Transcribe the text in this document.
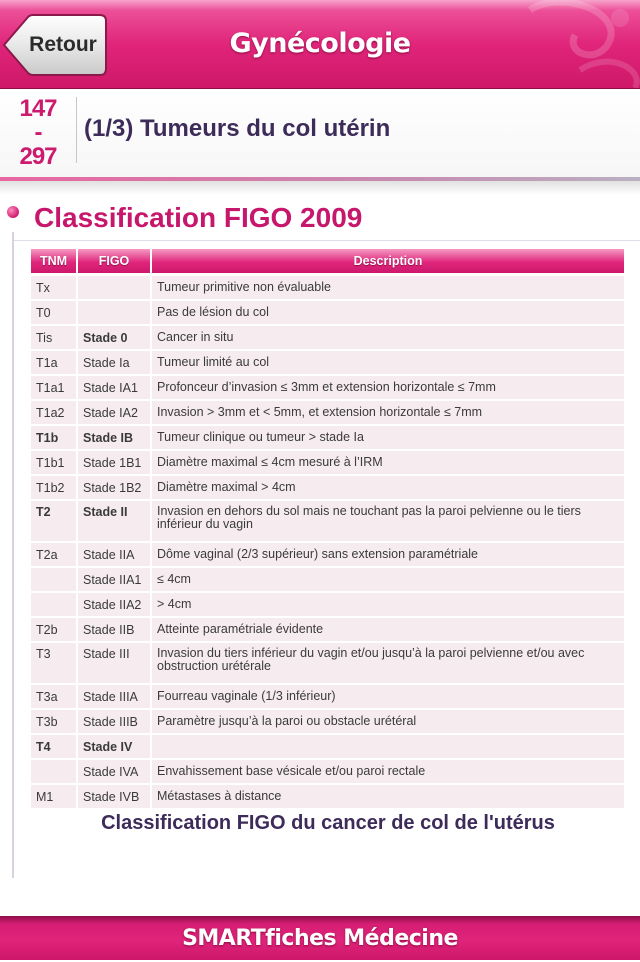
Retour	Gynécologie
147
-
297
(1/3) Tumeurs du col utérin
Classification FIGO 2009
TNM	FIGO	Description
Tx		Tumeur primitive non évaluable
T0		Pas de lésion du col
Tis	Stade 0	Cancer in situ
T1a	Stade Ia	Tumeur limité au col
T1a1	Stade IA1	Profonceur d’invasion ≤ 3mm et extension horizontale ≤ 7mm
T1a2	Stade IA2	Invasion > 3mm et < 5mm, et extension horizontale ≤ 7mm
T1b	Stade IB	Tumeur clinique ou tumeur > stade Ia
T1b1	Stade 1B1	Diamètre maximal ≤ 4cm mesuré à l’IRM
T1b2	Stade 1B2	Diamètre maximal > 4cm
T2	Stade II	Invasion en dehors du sol mais ne touchant pas la paroi pelvienne ou le tiers inférieur du vagin
T2a	Stade IIA	Dôme vaginal (2/3 supérieur) sans extension paramétriale
	Stade IIA1	≤ 4cm
	Stade IIA2	> 4cm
T2b	Stade IIB	Atteinte paramétriale évidente
T3	Stade III	Invasion du tiers inférieur du vagin et/ou jusqu’à la paroi pelvienne et/ou avec obstruction urétérale
T3a	Stade IIIA	Fourreau vaginale (1/3 inférieur)
T3b	Stade IIIB	Paramètre jusqu’à la paroi ou obstacle urétéral
T4	Stade IV	
	Stade IVA	Envahissement base vésicale et/ou paroi rectale
M1	Stade IVB	Métastases à distance
Classification FIGO du cancer de col de l'utérus
SMARTfiches Médecine
